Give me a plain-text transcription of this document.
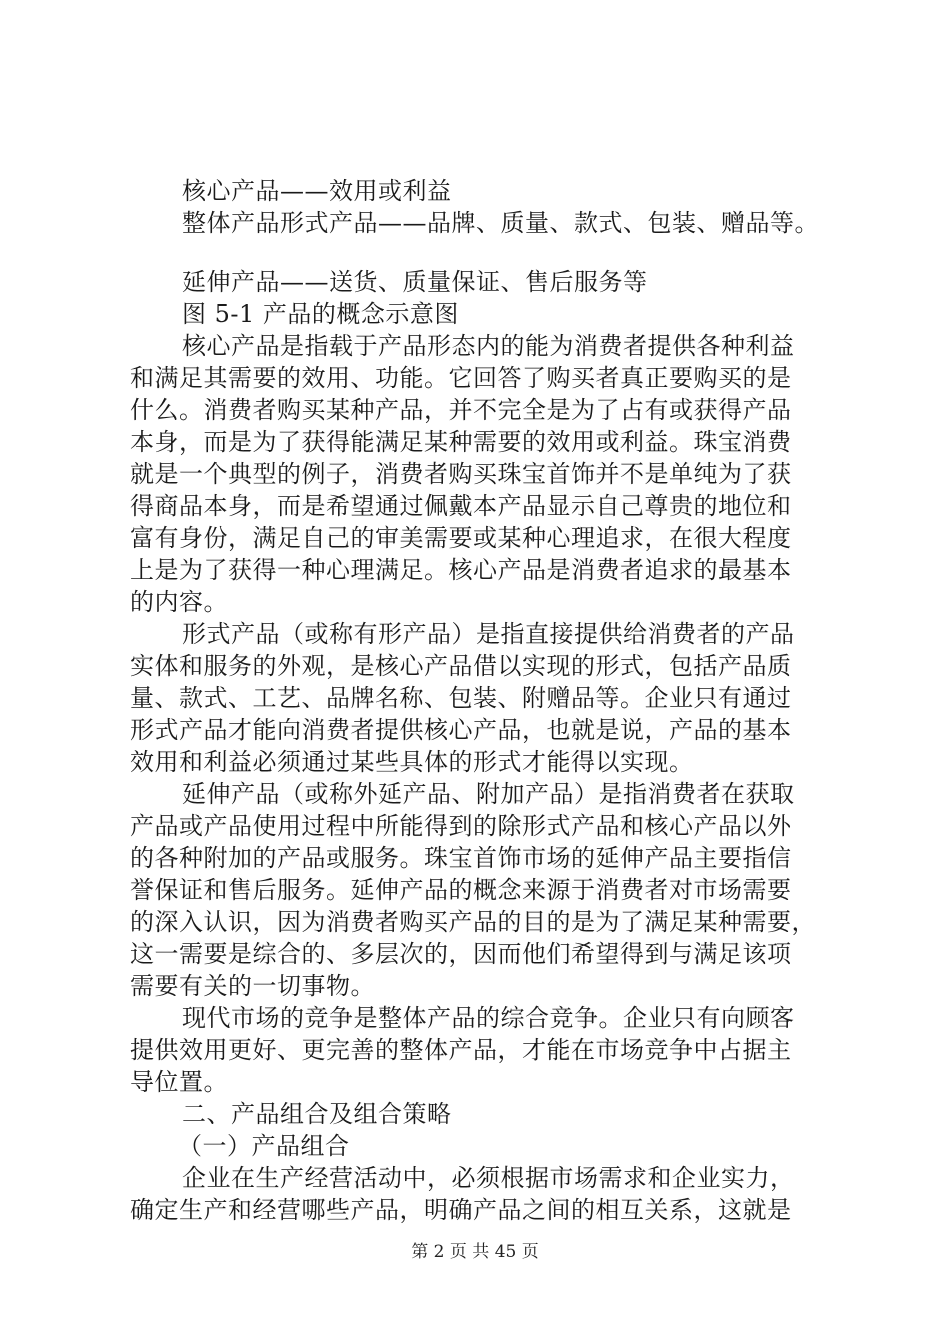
核心产品——效用或利益
整体产品形式产品——品牌、质量、款式、包装、赠品等。
延伸产品——送货、质量保证、售后服务等
图 5-1 产品的概念示意图
核心产品是指载于产品形态内的能为消费者提供各种利益
和满足其需要的效用、功能。它回答了购买者真正要购买的是
什么。消费者购买某种产品，并不完全是为了占有或获得产品
本身，而是为了获得能满足某种需要的效用或利益。珠宝消费
就是一个典型的例子，消费者购买珠宝首饰并不是单纯为了获
得商品本身，而是希望通过佩戴本产品显示自己尊贵的地位和
富有身份，满足自己的审美需要或某种心理追求，在很大程度
上是为了获得一种心理满足。核心产品是消费者追求的最基本
的内容。
形式产品（或称有形产品）是指直接提供给消费者的产品
实体和服务的外观，是核心产品借以实现的形式，包括产品质
量、款式、工艺、品牌名称、包装、附赠品等。企业只有通过
形式产品才能向消费者提供核心产品，也就是说，产品的基本
效用和利益必须通过某些具体的形式才能得以实现。
延伸产品（或称外延产品、附加产品）是指消费者在获取
产品或产品使用过程中所能得到的除形式产品和核心产品以外
的各种附加的产品或服务。珠宝首饰市场的延伸产品主要指信
誉保证和售后服务。延伸产品的概念来源于消费者对市场需要
的深入认识，因为消费者购买产品的目的是为了满足某种需要，
这一需要是综合的、多层次的，因而他们希望得到与满足该项
需要有关的一切事物。
现代市场的竞争是整体产品的综合竞争。企业只有向顾客
提供效用更好、更完善的整体产品，才能在市场竞争中占据主
导位置。
二、产品组合及组合策略
（一）产品组合
企业在生产经营活动中，必须根据市场需求和企业实力，
确定生产和经营哪些产品，明确产品之间的相互关系，这就是
第 2 页 共 45 页
